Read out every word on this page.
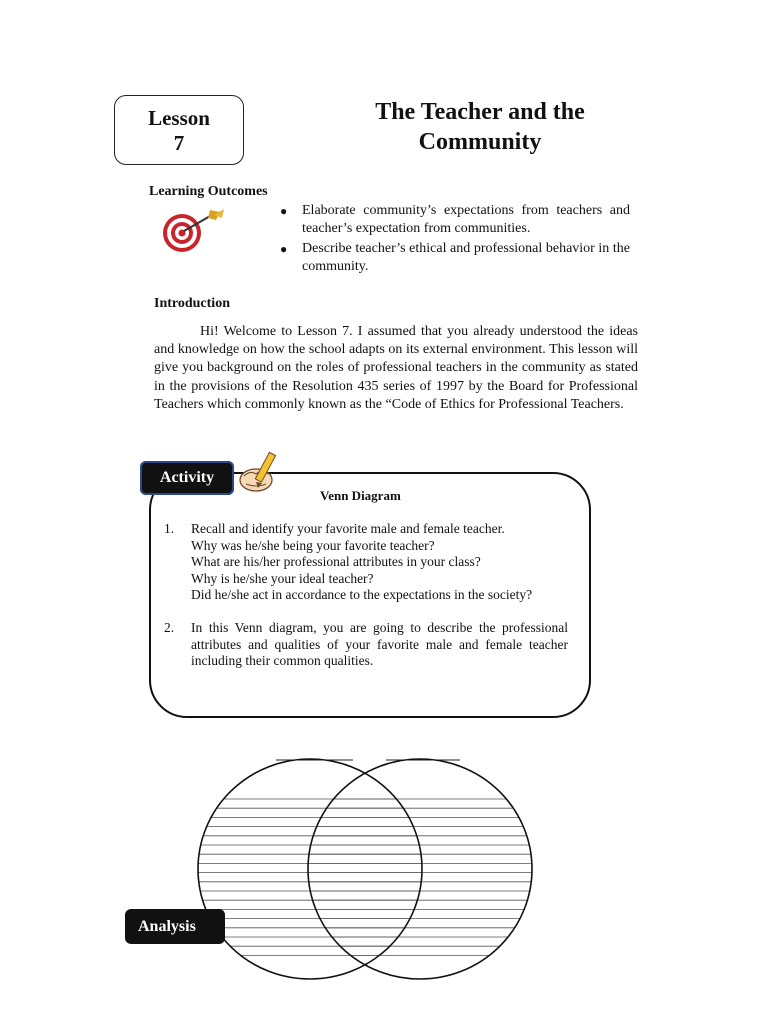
Lesson
7
The Teacher and the
Community
Learning Outcomes
● Elaborate community’s expectations from teachers and teacher’s expectation from communities.
● Describe teacher’s ethical and professional behavior in the community.
Introduction

Hi! Welcome to Lesson 7. I assumed that you already understood the ideas and knowledge on how the school adapts on its external environment. This lesson will give you background on the roles of professional teachers in the community as stated in the provisions of the Resolution 435 series of 1997 by the Board for Professional Teachers which commonly known as the “Code of Ethics for Professional Teachers.

Activity
Venn Diagram
1. Recall and identify your favorite male and female teacher.
Why was he/she being your favorite teacher?
What are his/her professional attributes in your class?
Why is he/she your ideal teacher?
Did he/she act in accordance to the expectations in the society?
2. In this Venn diagram, you are going to describe the professional attributes and qualities of your favorite male and female teacher including their common qualities.
Analysis
